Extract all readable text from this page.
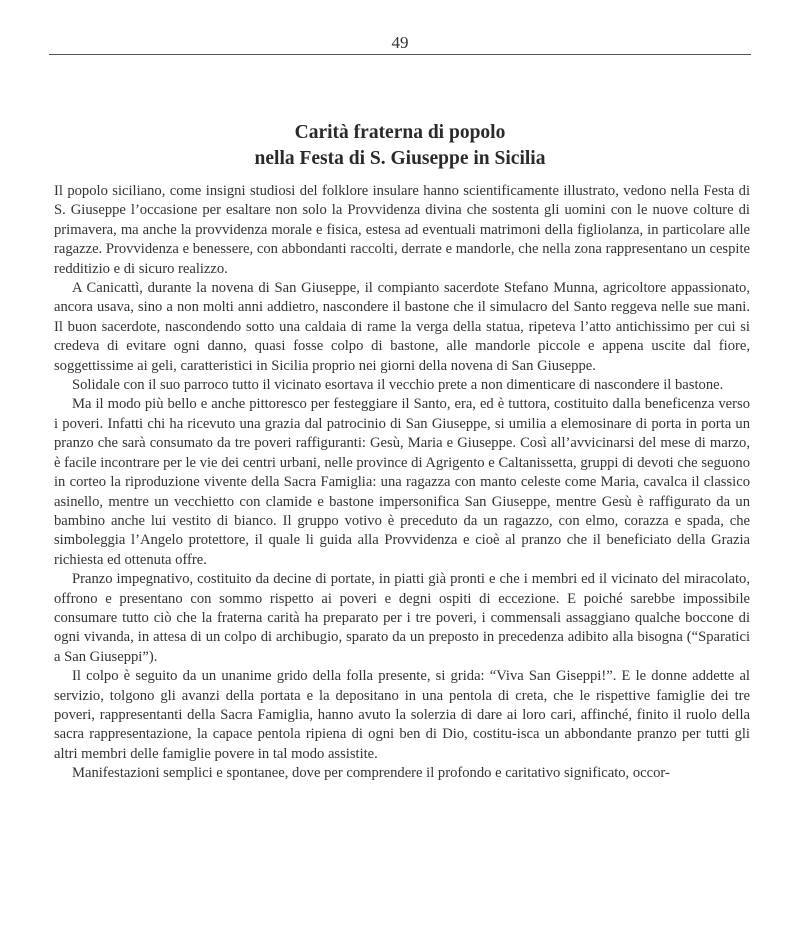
49
Carità fraterna di popolo
nella Festa di S. Giuseppe in Sicilia

Il popolo siciliano, come insigni studiosi del folklore insulare hanno scientificamente illustrato, vedono nella Festa di S. Giuseppe l’occasione per esaltare non solo la Provvidenza divina che sostenta gli uomini con le nuove colture di primavera, ma anche la provvidenza morale e fisica, estesa ad eventuali matrimoni della figliolanza, in particolare alle ragazze. Provvidenza e benessere, con abbondanti raccolti, derrate e mandorle, che nella zona rappresentano un cespite redditizio e di sicuro realizzo.

A Canicattì, durante la novena di San Giuseppe, il compianto sacerdote Stefano Munna, agricoltore appassionato, ancora usava, sino a non molti anni addietro, nascondere il bastone che il simulacro del Santo reggeva nelle sue mani. Il buon sacerdote, nascondendo sotto una caldaia di rame la verga della statua, ripeteva l’atto antichissimo per cui si credeva di evitare ogni danno, quasi fosse colpo di bastone, alle mandorle piccole e appena uscite dal fiore, soggettissime ai geli, caratteristici in Sicilia proprio nei giorni della novena di San Giuseppe.

Solidale con il suo parroco tutto il vicinato esortava il vecchio prete a non dimenticare di nascondere il bastone.

Ma il modo più bello e anche pittoresco per festeggiare il Santo, era, ed è tuttora, costituito dalla beneficenza verso i poveri. Infatti chi ha ricevuto una grazia dal patrocinio di San Giuseppe, si umilia a elemosinare di porta in porta un pranzo che sarà consumato da tre poveri raffiguranti: Gesù, Maria e Giuseppe. Così all’avvicinarsi del mese di marzo, è facile incontrare per le vie dei centri urbani, nelle province di Agrigento e Caltanissetta, gruppi di devoti che seguono in corteo la riproduzione vivente della Sacra Famiglia: una ragazza con manto celeste come Maria, cavalca il classico asinello, mentre un vecchietto con clamide e bastone impersonifica San Giuseppe, mentre Gesù è raffigurato da un bambino anche lui vestito di bianco. Il gruppo votivo è preceduto da un ragazzo, con elmo, corazza e spada, che simboleggia l’Angelo protettore, il quale li guida alla Provvidenza e cioè al pranzo che il beneficiato della Grazia richiesta ed ottenuta offre.

Pranzo impegnativo, costituito da decine di portate, in piatti già pronti e che i membri ed il vicinato del miracolato, offrono e presentano con sommo rispetto ai poveri e degni ospiti di eccezione. E poiché sarebbe impossibile consumare tutto ciò che la fraterna carità ha preparato per i tre poveri, i commensali assaggiano qualche boccone di ogni vivanda, in attesa di un colpo di archibugio, sparato da un preposto in precedenza adibito alla bisogna (“Sparatici a San Giuseppi”).

Il colpo è seguito da un unanime grido della folla presente, si grida: “Viva San Giseppi!”. E le donne addette al servizio, tolgono gli avanzi della portata e la depositano in una pentola di creta, che le rispettive famiglie dei tre poveri, rappresentanti della Sacra Famiglia, hanno avuto la solerzia di dare ai loro cari, affinché, finito il ruolo della sacra rappresentazione, la capace pentola ripiena di ogni ben di Dio, costitu-isca un abbondante pranzo per tutti gli altri membri delle famiglie povere in tal modo assistite.

Manifestazioni semplici e spontanee, dove per comprendere il profondo e caritativo significato, occor-
